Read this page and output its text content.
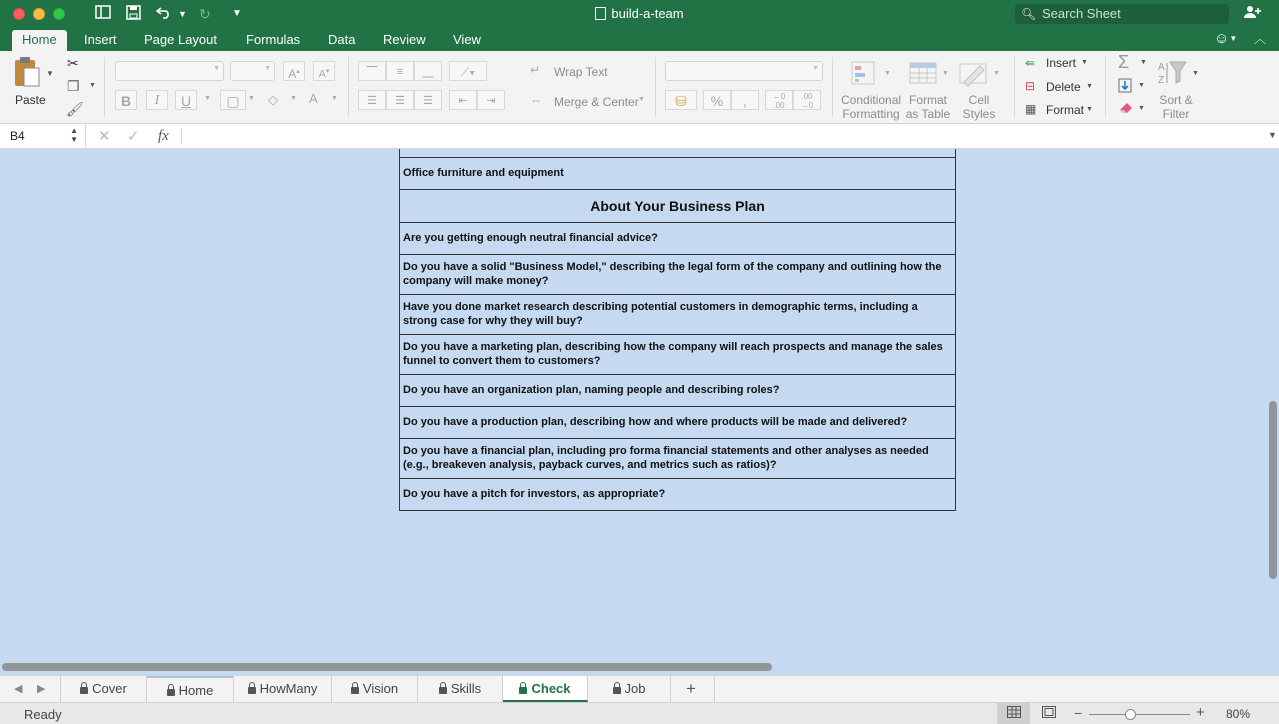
▼ ↻ ▼	build-a-team	🔍︎ Search Sheet
Home	Insert Page Layout Formulas Data Review View	☺▼ ︿
▼
Paste
✂
❐ ▼
🖌︎
▼	▼	A▴	A▾
B	I	U	▼	▢	▼ ◇ ▼ A ▼
⎺	≡	⎽	⟋▾
☰	☰	☰	⇤	⇥
↵ Wrap Text
⇔ Merge & Center ▼
▼
⛁	%	,	←0
.00
.00
→0
▼
Conditional
Formatting
▼
Format
as Table
▼
Cell
Styles
⇚ Insert ▼
⊟ Delete ▼
▦ Format ▼
Σ ▼
▼
▼
A
Z
▼
Sort &
Filter
B4	▲
▼ ✕ ✓ fx	▼

Office furniture and equipment
About Your Business Plan
Are you getting enough neutral financial advice?
Do you have a solid "Business Model," describing the legal form of the company and outlining how the company will make money?
Have you done market research describing potential customers in demographic terms, including a strong case for why they will buy?
Do you have a marketing plan, describing how the company will reach prospects and manage the sales funnel to convert them to customers?
Do you have an organization plan, naming people and describing roles?
Do you have a production plan, describing how and where products will be made and delivered?
Do you have a financial plan, including pro forma financial statements and other analyses as needed (e.g., breakeven analysis, payback curves, and metrics such as ratios)?
Do you have a pitch for investors, as appropriate?
◀ ▶	Cover	Home	HowMany	Vision	Skills	Check	Job	+
Ready	−	+ 80%
